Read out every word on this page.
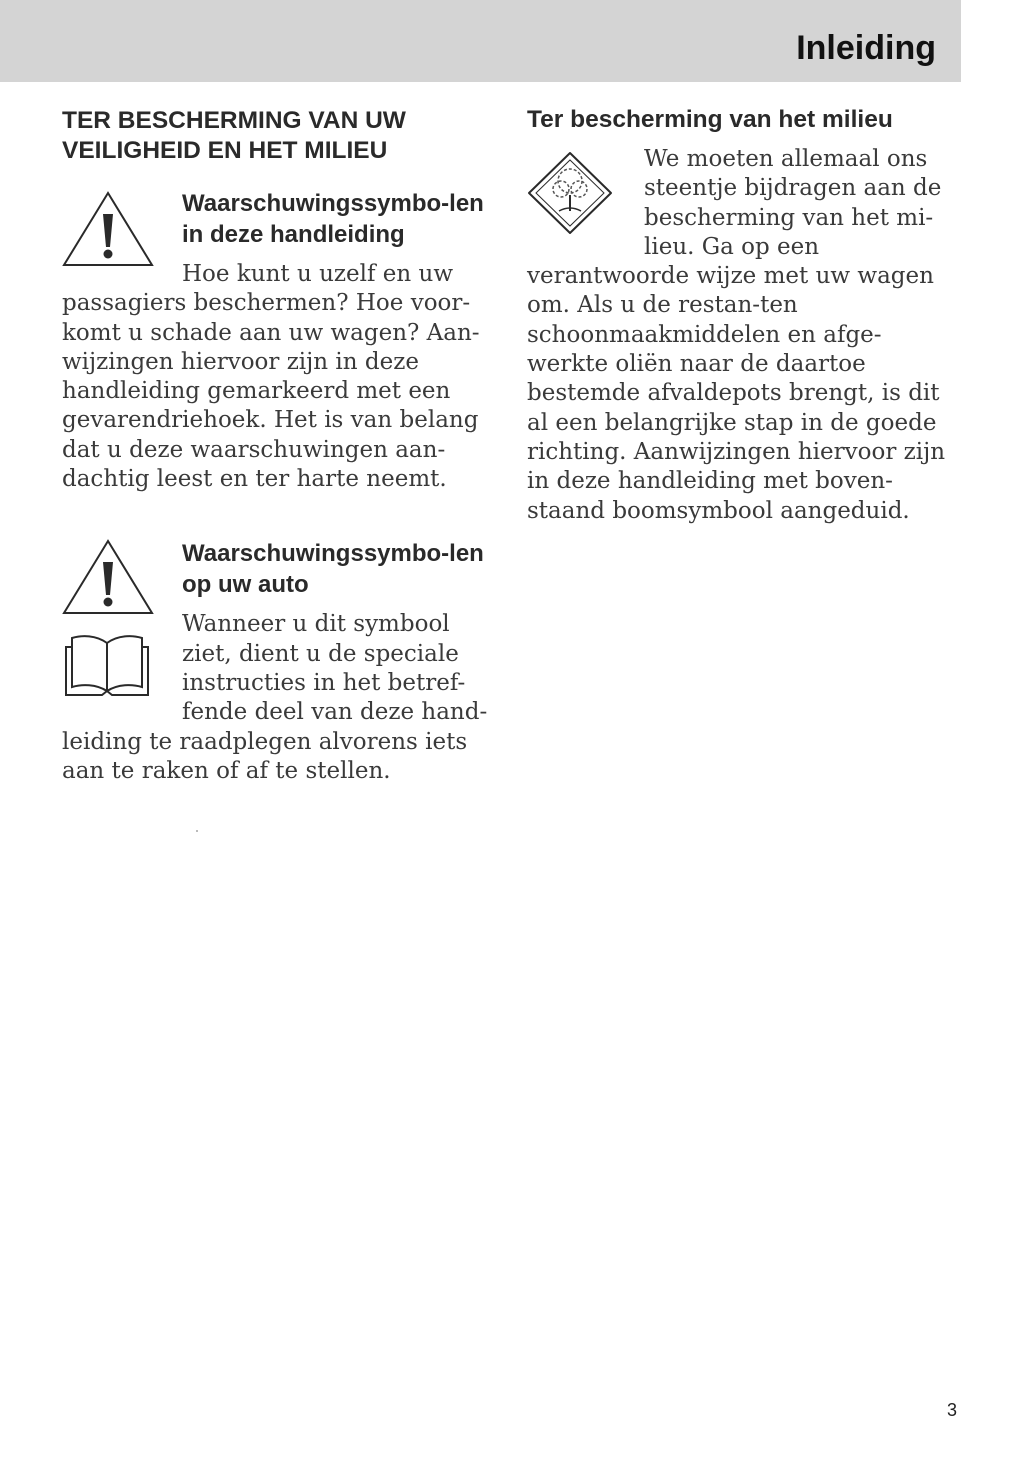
Inleiding
TER BESCHERMING VAN UW VEILIGHEID EN HET MILIEU
Waarschuwingssymbo-len in deze handleiding

Hoe kunt u uzelf en uw passagiers beschermen? Hoe voor-komt u schade aan uw wagen? Aan-wijzingen hiervoor zijn in deze handleiding gemarkeerd met een gevarendriehoek. Het is van belang dat u deze waarschuwingen aan-dachtig leest en ter harte neemt.

Waarschuwingssymbo-len op uw auto

Wanneer u dit symbool ziet, dient u de speciale instructies in het betref-fende deel van deze hand-leiding te raadplegen alvorens iets aan te raken of af te stellen.

Ter bescherming van het milieu

We moeten allemaal ons steentje bijdragen aan de bescherming van het mi-lieu. Ga op een verantwoorde wijze met uw wagen om. Als u de restan-ten schoonmaakmiddelen en afge-werkte oliën naar de daartoe bestemde afvaldepots brengt, is dit al een belangrijke stap in de goede richting. Aanwijzingen hiervoor zijn in deze handleiding met boven-staand boomsymbool aangeduid.

3
